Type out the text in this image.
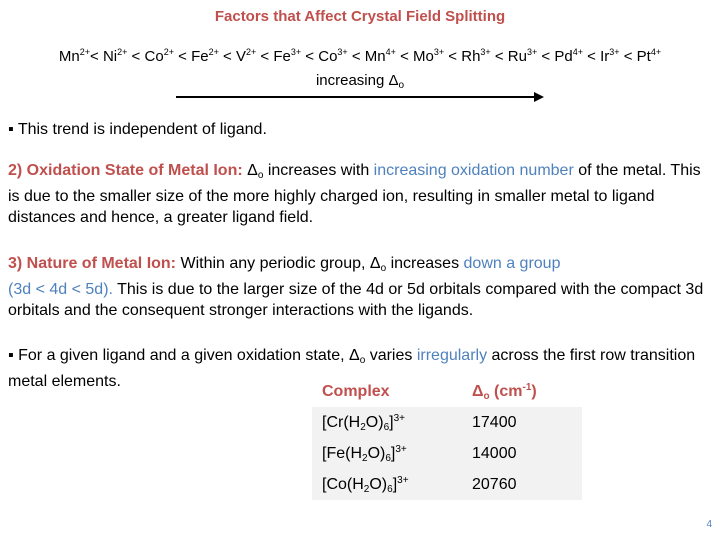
Factors that Affect Crystal Field Splitting
$Mn^{2+}< Ni^{2+} < Co^{2+} < Fe^{2+} < V^{2+} < Fe^{3+} < Co^{3+} < Mn^{4+} < Mo^{3+} < Rh^{3+} < Ru^{3+} < Pd^{4+} < Ir^{3+} < Pt^{4+}$
increasing $\Delta_o$
▪ This trend is independent of ligand.
2) Oxidation State of Metal Ion: $\Delta_o$ increases with increasing oxidation number of the metal. This is due to the smaller size of the more highly charged ion, resulting in smaller metal to ligand distances and hence, a greater ligand field.
3) Nature of Metal Ion: Within any periodic group, $\Delta_o$ increases down a group
(3d < 4d < 5d). This is due to the larger size of the 4d or 5d orbitals compared with the compact 3d orbitals and the consequent stronger interactions with the ligands.
▪ For a given ligand and a given oxidation state, $\Delta_o$ varies irregularly across the first row transition metal elements.
Complex	$\Delta_o$ $(cm^{-1})$
$[Cr(H_2O)_6]^{3+}$	17400
$[Fe(H_2O)_6]^{3+}$	14000
$[Co(H_2O)_6]^{3+}$	20760
4
